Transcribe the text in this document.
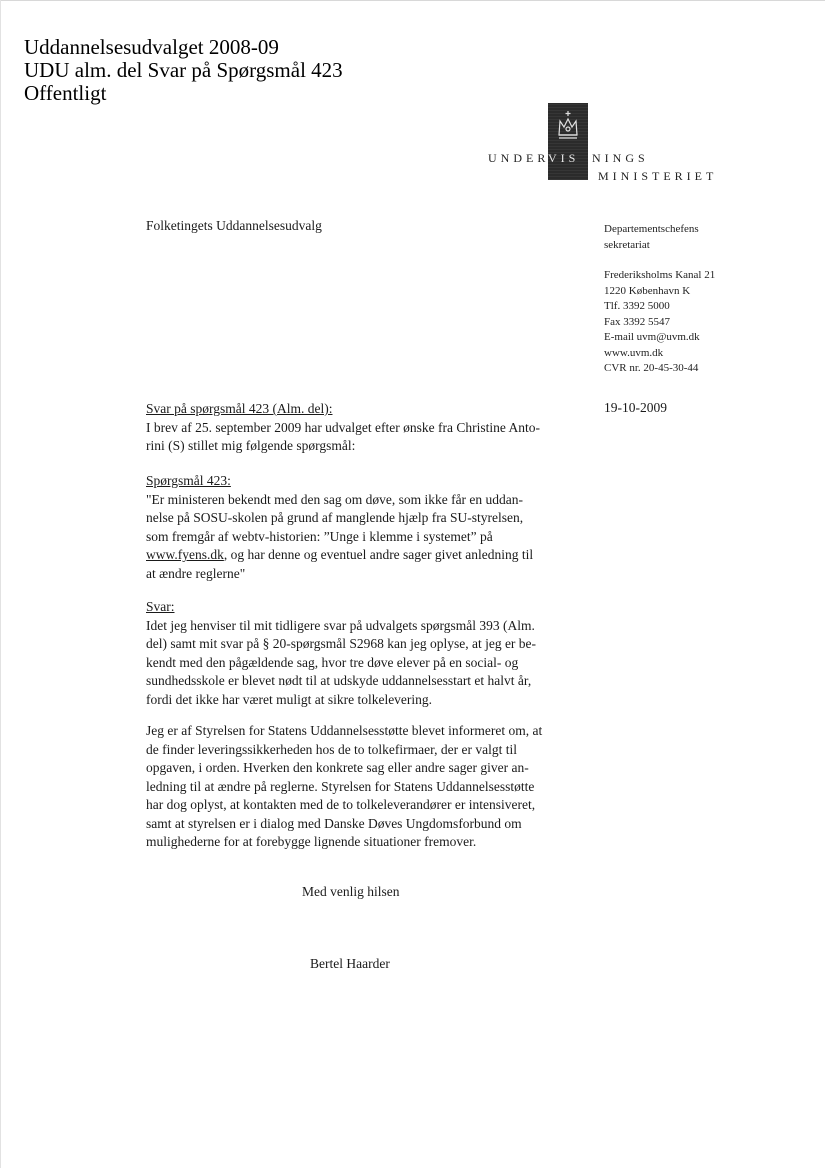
Uddannelsesudvalget 2008-09
UDU alm. del Svar på Spørgsmål 423
Offentligt
UNDER
VIS NINGS
MINISTERIET
Folketingets Uddannelsesudvalg	Departementschefens
sekretariat
Frederiksholms Kanal 21
1220 København K
Tlf. 3392 5000
Fax 3392 5547
E-mail uvm@uvm.dk
www.uvm.dk
CVR nr. 20-45-30-44
19-10-2009
Svar på spørgsmål 423 (Alm. del):
I brev af 25. september 2009 har udvalget efter ønske fra Christine Anto-
rini (S) stillet mig følgende spørgsmål:
Spørgsmål 423:
"Er ministeren bekendt med den sag om døve, som ikke får en uddan-
nelse på SOSU-skolen på grund af manglende hjælp fra SU-styrelsen,
som fremgår af webtv-historien: ”Unge i klemme i systemet” på
www.fyens.dk, og har denne og eventuel andre sager givet anledning til
at ændre reglerne"
Svar:
Idet jeg henviser til mit tidligere svar på udvalgets spørgsmål 393 (Alm.
del) samt mit svar på § 20-spørgsmål S2968 kan jeg oplyse, at jeg er be-
kendt med den pågældende sag, hvor tre døve elever på en social- og
sundhedsskole er blevet nødt til at udskyde uddannelsesstart et halvt år,
fordi det ikke har været muligt at sikre tolkelevering.
Jeg er af Styrelsen for Statens Uddannelsesstøtte blevet informeret om, at
de finder leveringssikkerheden hos de to tolkefirmaer, der er valgt til
opgaven, i orden. Hverken den konkrete sag eller andre sager giver an-
ledning til at ændre på reglerne. Styrelsen for Statens Uddannelsesstøtte
har dog oplyst, at kontakten med de to tolkeleverandører er intensiveret,
samt at styrelsen er i dialog med Danske Døves Ungdomsforbund om
mulighederne for at forebygge lignende situationer fremover.
Med venlig hilsen
Bertel Haarder
